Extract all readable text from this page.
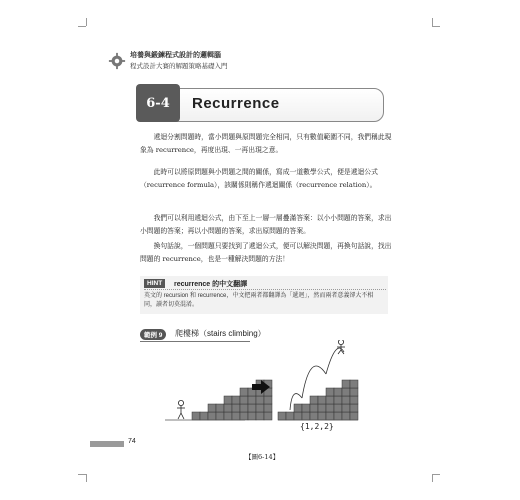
培養與鍛鍊程式設計的邏輯腦
程式設計大賽的解題策略基礎入門
6-4	Recurrence
遞迴分割問題時，當小問題與原問題完全相同，只有數值範圍不同，我們稱此現象為 recurrence，再度出現、一再出現之意。
此時可以將原問題與小問題之間的關係，寫成一道數學公式，便是遞迴公式（recurrence formula），該關係則稱作遞迴關係（recurrence relation）。
我們可以利用遞迴公式，由下至上一層一層疊滿答案：以小小問題的答案，求出小問題的答案；再以小問題的答案，求出原問題的答案。
換句話說，一個問題只要找到了遞迴公式，便可以解決問題，再換句話說，找出問題的 recurrence，也是一種解決問題的方法！
HINT	recurrence 的中文翻譯
英文的 recursion 和 recurrence，中文把兩者都翻譯為「遞迴」，然而兩者意義卻大不相同，讀者切莫混淆。
範例 9	爬樓梯（stairs climbing）
{1,2,2}
74
【圖6-14】
